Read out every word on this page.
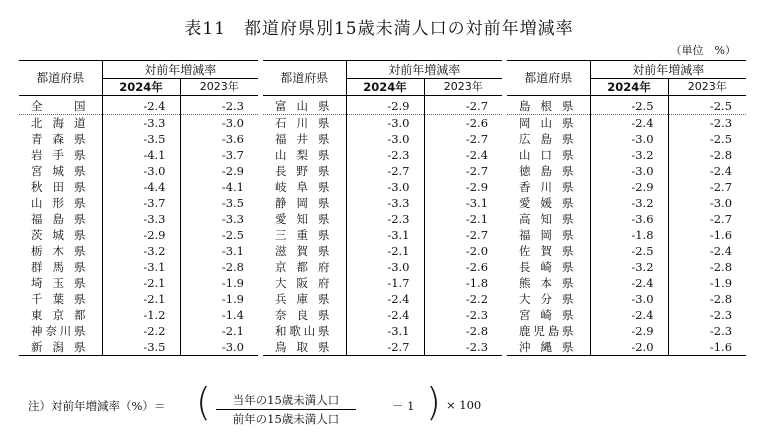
表11　都道府県別15歳未満人口の対前年増減率
（単位　%）
都道府県	対前年増減率			都道府県	対前年増減率			都道府県	対前年増減率	
	2024年	2023年			2024年	2023年			2024年	2023年
全国	-2.4	-2.3		富山県	-2.9	-2.7		島根県	-2.5	-2.5
北海道	-3.3	-3.0		石川県	-3.0	-2.6		岡山県	-2.4	-2.3
青森県	-3.5	-3.6		福井県	-3.0	-2.7		広島県	-3.0	-2.5
岩手県	-4.1	-3.7		山梨県	-2.3	-2.4		山口県	-3.2	-2.8
宮城県	-3.0	-2.9		長野県	-2.7	-2.7		徳島県	-3.0	-2.4
秋田県	-4.4	-4.1		岐阜県	-3.0	-2.9		香川県	-2.9	-2.7
山形県	-3.7	-3.5		静岡県	-3.3	-3.1		愛媛県	-3.2	-3.0
福島県	-3.3	-3.3		愛知県	-2.3	-2.1		高知県	-3.6	-2.7
茨城県	-2.9	-2.5		三重県	-3.1	-2.7		福岡県	-1.8	-1.6
栃木県	-3.2	-3.1		滋賀県	-2.1	-2.0		佐賀県	-2.5	-2.4
群馬県	-3.1	-2.8		京都府	-3.0	-2.6		長崎県	-3.2	-2.8
埼玉県	-2.1	-1.9		大阪府	-1.7	-1.8		熊本県	-2.4	-1.9
千葉県	-2.1	-1.9		兵庫県	-2.4	-2.2		大分県	-3.0	-2.8
東京都	-1.2	-1.4		奈良県	-2.4	-2.3		宮崎県	-2.4	-2.3
神奈川県	-2.2	-2.1		和歌山県	-3.1	-2.8		鹿児島県	-2.9	-2.3
新潟県	-3.5	-3.0		鳥取県	-2.7	-2.3		沖縄県	-2.0	-1.6
注）対前年増減率（%）＝ (	当年の15歳未満人口
前年の15歳未満人口
－ 1 ) × 100
